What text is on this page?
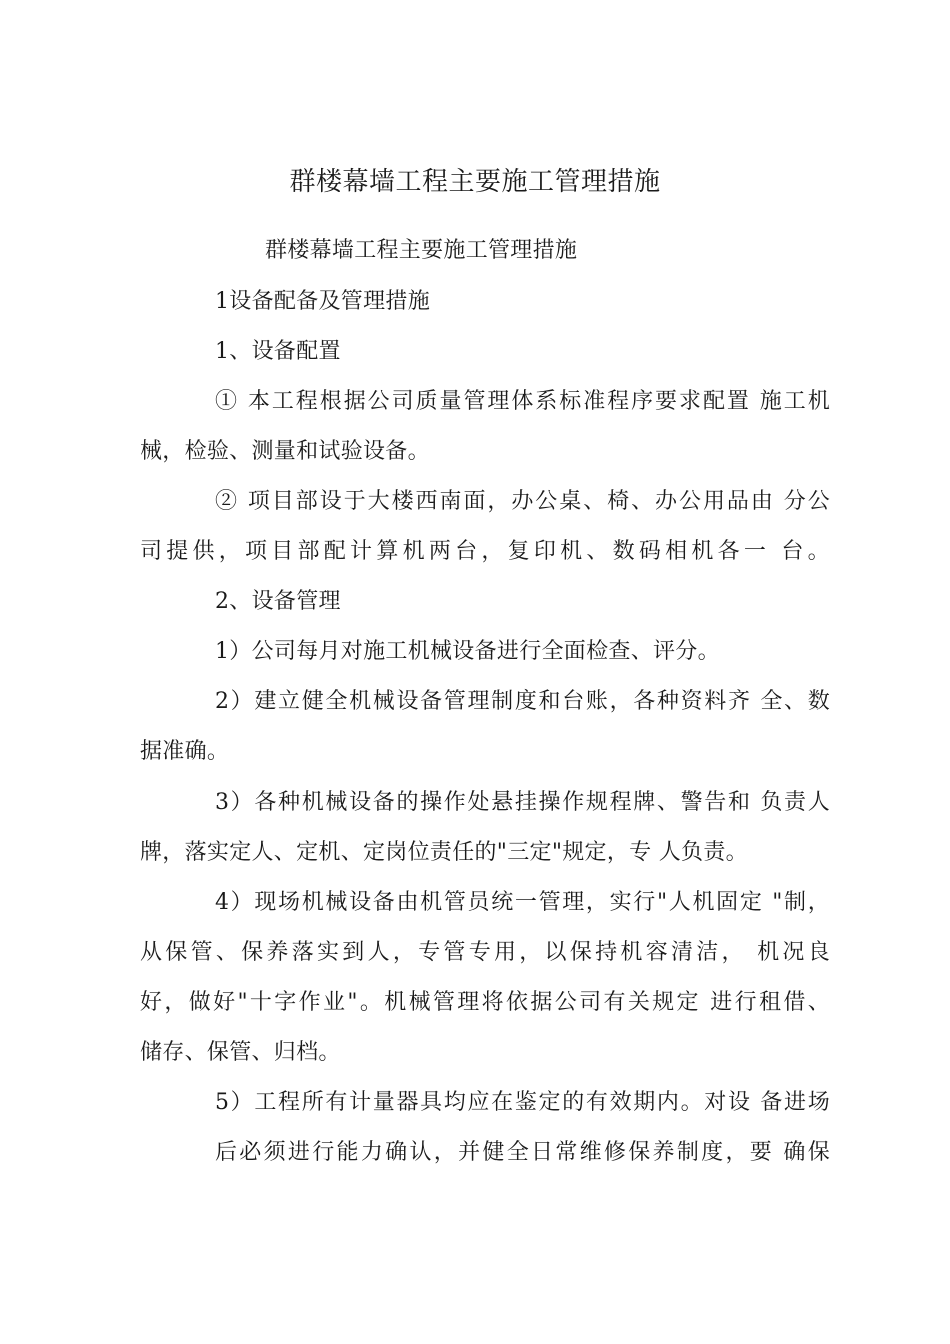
群楼幕墙工程主要施工管理措施
群楼幕墙工程主要施工管理措施
1设备配备及管理措施
1、设备配置
① 本工程根据公司质量管理体系标准程序要求配置 施工机
械，检验、测量和试验设备。
② 项目部设于大楼西南面，办公桌、椅、办公用品由 分公
司提供，项目部配计算机两台，复印机、数码相机各一 台。
2、设备管理
1）公司每月对施工机械设备进行全面检查、评分。
2）建立健全机械设备管理制度和台账，各种资料齐 全、数
据准确。
3）各种机械设备的操作处悬挂操作规程牌、警告和 负责人
牌，落实定人、定机、定岗位责任的"三定"规定，专 人负责。
4）现场机械设备由机管员统一管理，实行"人机固定 "制，
从保管、保养落实到人，专管专用，以保持机容清洁， 机况良
好，做好"十字作业"。机械管理将依据公司有关规定 进行租借、
储存、保管、归档。
5）工程所有计量器具均应在鉴定的有效期内。对设 备进场
后必须进行能力确认，并健全日常维修保养制度，要 确保
